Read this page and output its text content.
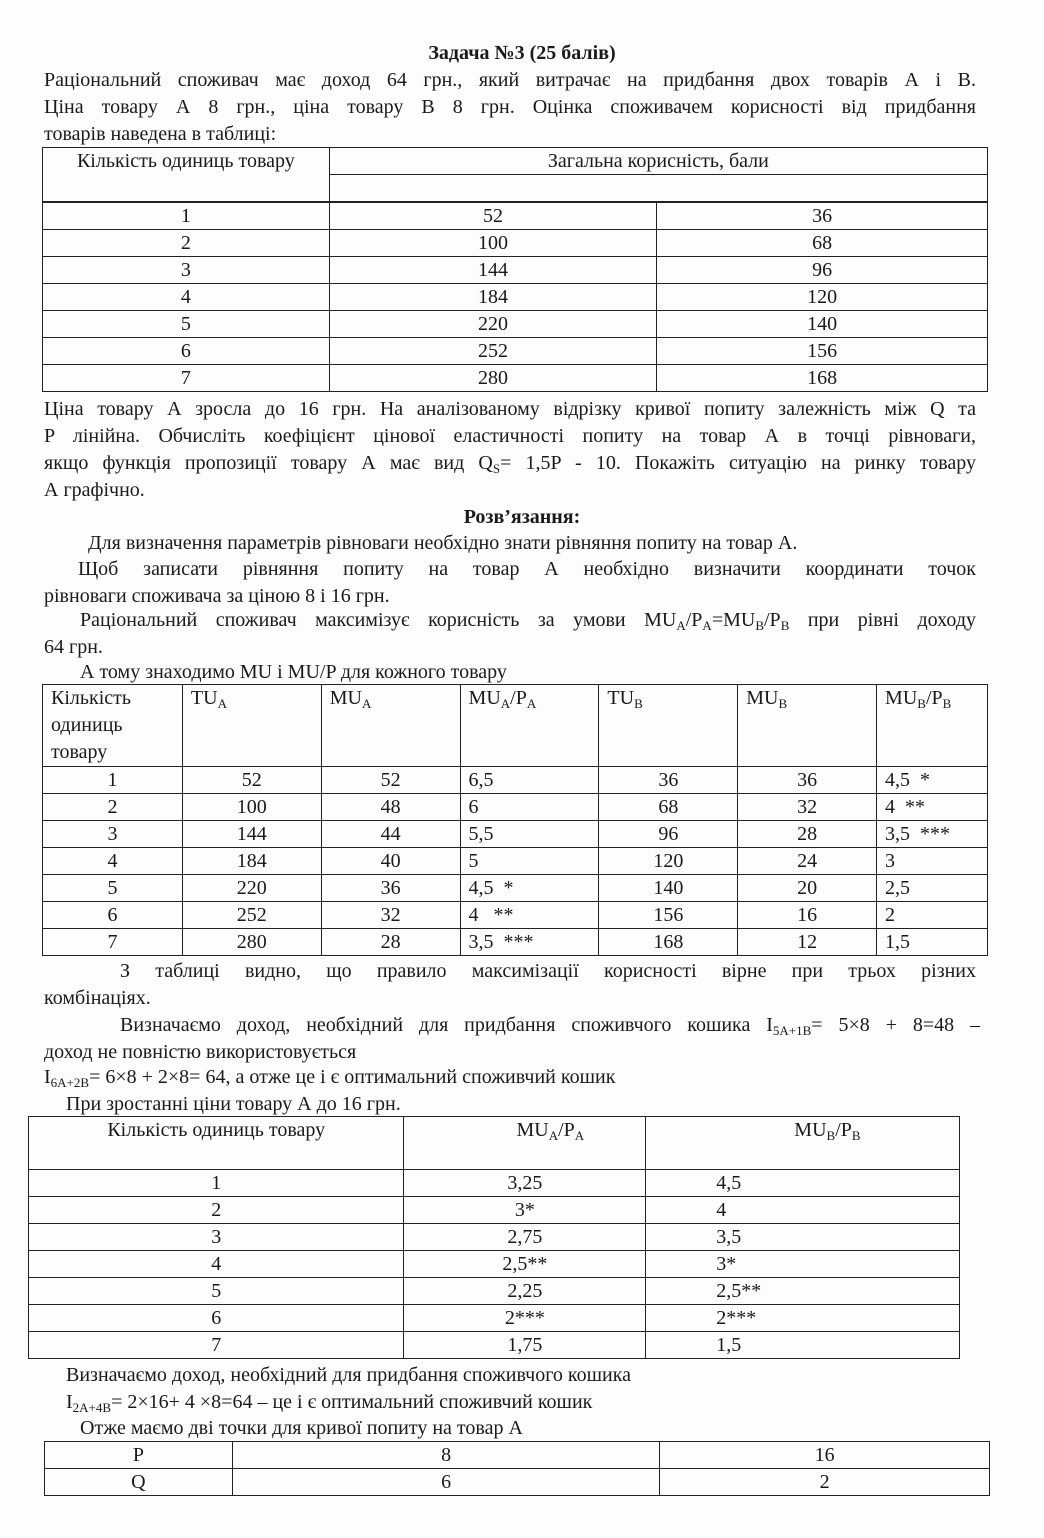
Задача №3 (25 балів)
Раціональний споживач має доход 64 грн., який витрачає на придбання двох товарів А і В.
Ціна товару А 8 грн., ціна товару В 8 грн. Оцінка споживачем корисності від придбання
товарів наведена в таблиці:
Кількість одиниць товару	Загальна корисність, бали	

1	52	36
2	100	68
3	144	96
4	184	120
5	220	140
6	252	156
7	280	168
Ціна товару А зросла до 16 грн. На аналізованому відрізку кривої попиту залежність між Q та
P лінійна. Обчисліть коефіцієнт цінової еластичності попиту на товар А в точці рівноваги,
якщо функція пропозиції товару А має вид $Q_S= 1,5P - 10$. Покажіть ситуацію на ринку товару
А графічно.
Розв’язання:
Для визначення параметрів рівноваги необхідно знати рівняння попиту на товар А.
Щоб записати рівняння попиту на товар А необхідно визначити координати точок
рівноваги споживача за ціною 8 і 16 грн.
Раціональний споживач максимізує корисність за умови $MU_A/P_A=MU_B/P_B$ при рівні доходу
64 грн.
А тому знаходимо MU і MU/P для кожного товару
Кількість одиниць товару	$TU_A$	$MU_A$	$MU_A/P_A$	$TU_B$	$MU_B$	$MU_B/P_B$
1	52	52	6,5	36	36	4,5  *
2	100	48	6	68	32	4  **
3	144	44	5,5	96	28	3,5  ***
4	184	40	5	120	24	3
5	220	36	4,5  *	140	20	2,5
6	252	32	4   **	156	16	2
7	280	28	3,5  ***	168	12	1,5
З таблиці видно, що правило максимізації корисності вірне при трьох різних
комбінаціях.
Визначаємо доход, необхідний для придбання споживчого кошика $I_{5A+1B}= 5\times 8 + 8=48$ –
доход не повністю використовується
$I_{6A+2B}= 6\times 8 + 2\times 8= 64$, а отже це і є оптимальний споживчий кошик
При зростанні ціни товару А до 16 грн.
Кількість одиниць товару	$MU_A/P_A$	$MU_B/P_B$
1	3,25	4,5
2	3*	4
3	2,75	3,5
4	2,5**	3*
5	2,25	2,5**
6	2***	2***
7	1,75	1,5
Визначаємо доход, необхідний для придбання споживчого кошика
$I_{2A+4B}= 2\times 16+ 4 \times 8=64$ – це і є оптимальний споживчий кошик
Отже маємо дві точки для кривої попиту на товар А
P	8	16
Q	6	2
